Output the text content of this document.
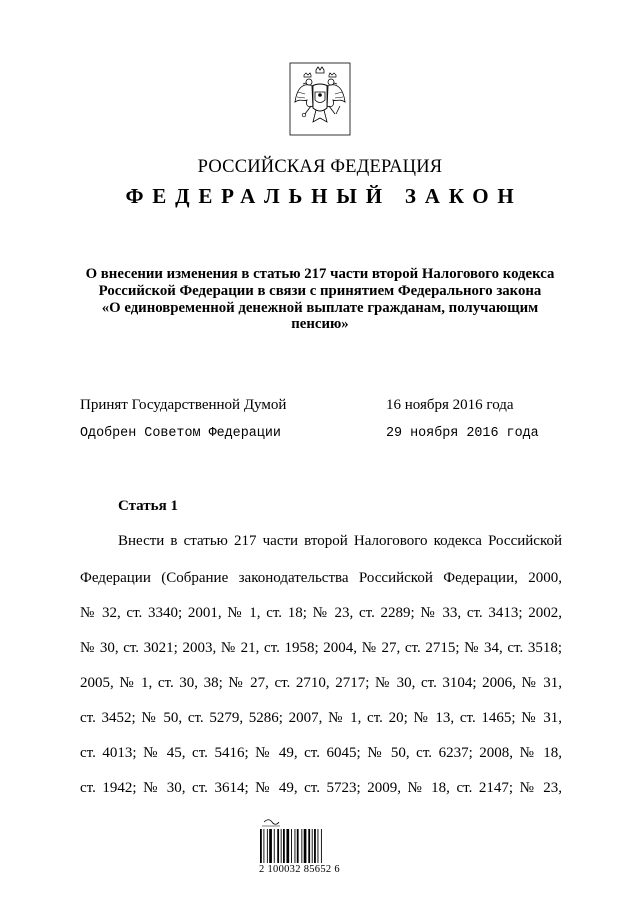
РОССИЙСКАЯ ФЕДЕРАЦИЯ
ФЕДЕРАЛЬНЫЙ ЗАКОН
О внесении изменения в статью 217 части второй Налогового кодекса
Российской Федерации в связи с принятием Федерального закона
«О единовременной денежной выплате гражданам, получающим
пенсию»
Принят Государственной Думой	16 ноября 2016 года
Одобрен Советом Федерации	29 ноября 2016 года
Статья 1
Внести в статью 217 части второй Налогового кодекса Российской
Федерации (Собрание законодательства Российской Федерации, 2000,
№ 32, ст. 3340; 2001, № 1, ст. 18; № 23, ст. 2289; № 33, ст. 3413; 2002,
№ 30, ст. 3021; 2003, № 21, ст. 1958; 2004, № 27, ст. 2715; № 34, ст. 3518;
2005, № 1, ст. 30, 38; № 27, ст. 2710, 2717; № 30, ст. 3104; 2006, № 31,
ст. 3452; № 50, ст. 5279, 5286; 2007, № 1, ст. 20; № 13, ст. 1465; № 31,
ст. 4013; № 45, ст. 5416; № 49, ст. 6045; № 50, ст. 6237; 2008, № 18,
ст. 1942; № 30, ст. 3614; № 49, ст. 5723; 2009, № 18, ст. 2147; № 23,
2 100032 85652 6
